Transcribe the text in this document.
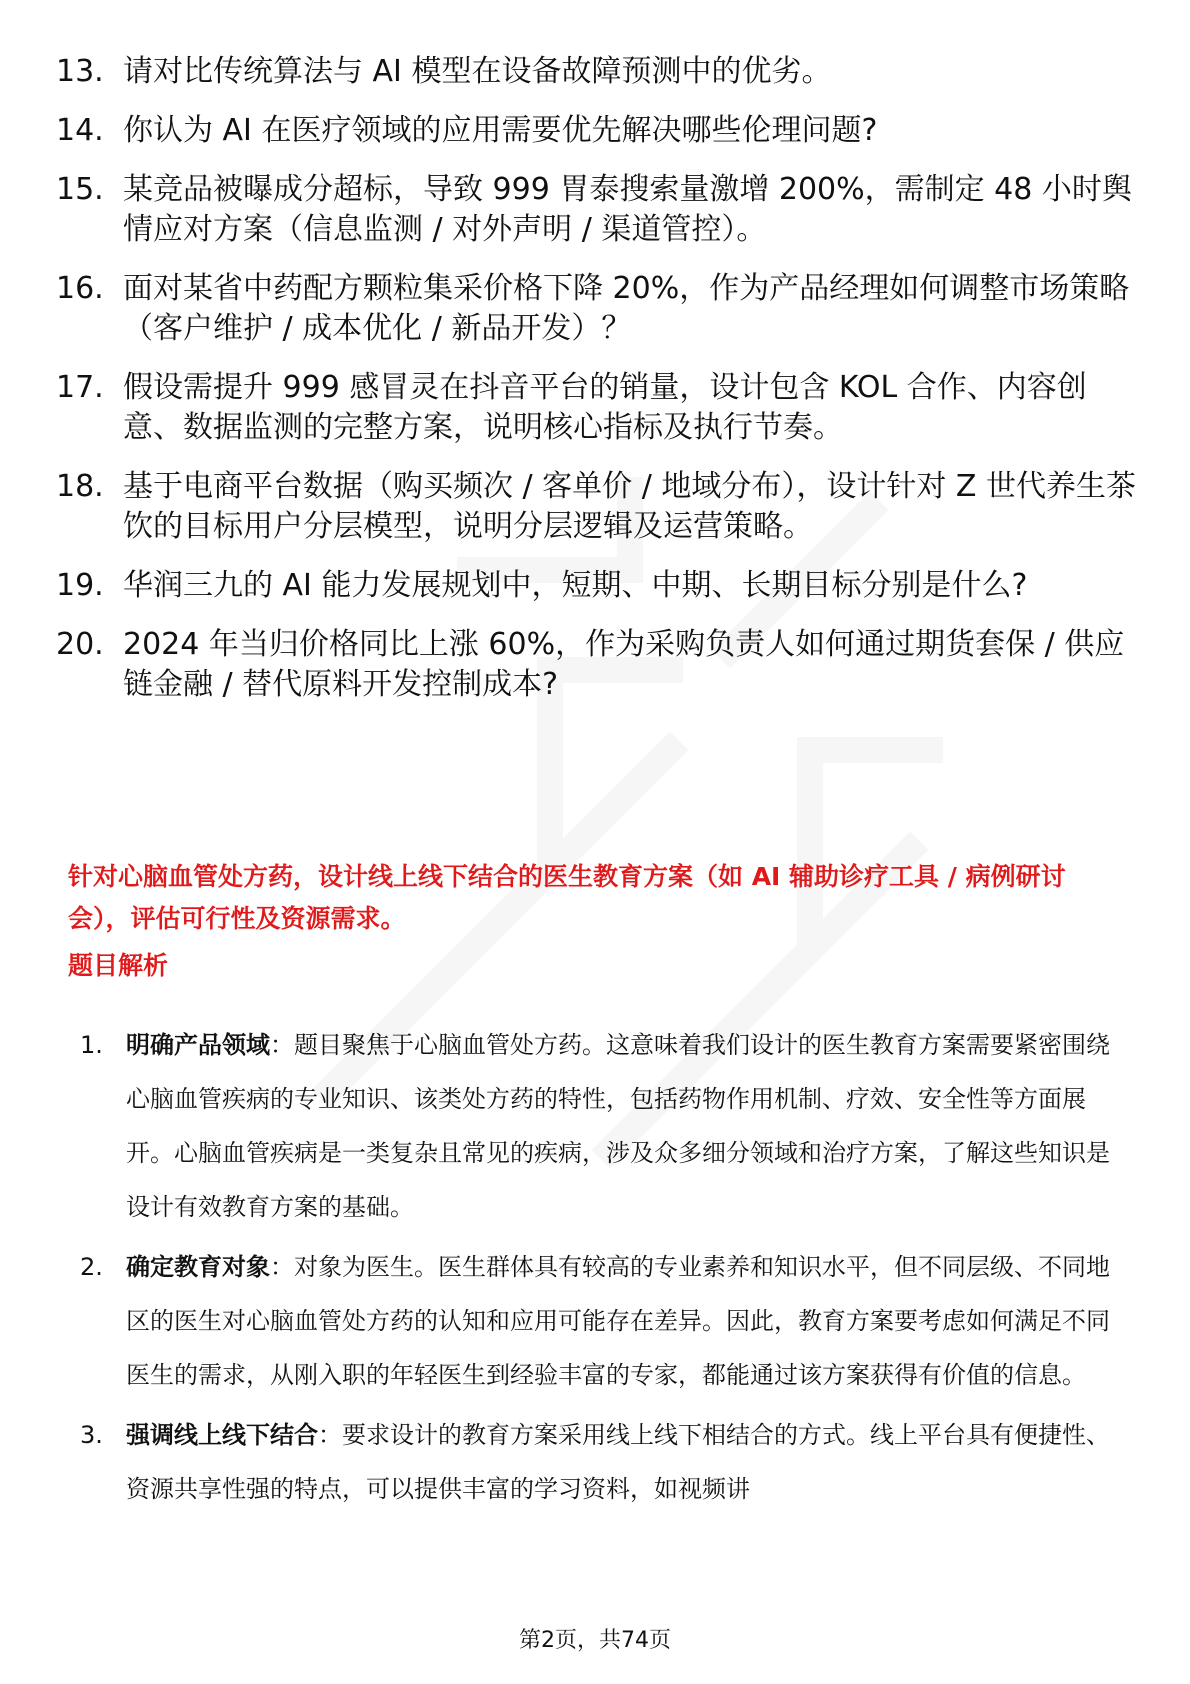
13. 请对比传统算法与 AI 模型在设备故障预测中的优劣。
14. 你认为 AI 在医疗领域的应用需要优先解决哪些伦理问题?
15. 某竞品被曝成分超标，导致 999 胃泰搜索量激增 200%，需制定 48 小时舆情应对方案（信息监测 / 对外声明 / 渠道管控）。
16. 面对某省中药配方颗粒集采价格下降 20%，作为产品经理如何调整市场策略（客户维护 / 成本优化 / 新品开发）？
17. 假设需提升 999 感冒灵在抖音平台的销量，设计包含 KOL 合作、内容创意、数据监测的完整方案，说明核心指标及执行节奏。
18. 基于电商平台数据（购买频次 / 客单价 / 地域分布），设计针对 Z 世代养生茶饮的目标用户分层模型，说明分层逻辑及运营策略。
19. 华润三九的 AI 能力发展规划中，短期、中期、长期目标分别是什么?
20. 2024 年当归价格同比上涨 60%，作为采购负责人如何通过期货套保 / 供应链金融 / 替代原料开发控制成本?

针对心脑血管处方药，设计线上线下结合的医生教育方案（如 AI 辅助诊疗工具 / 病例研讨会），评估可行性及资源需求。

题目解析

1. 明确产品领域：题目聚焦于心脑血管处方药。这意味着我们设计的医生教育方案需要紧密围绕心脑血管疾病的专业知识、该类处方药的特性，包括药物作用机制、疗效、安全性等方面展开。心脑血管疾病是一类复杂且常见的疾病，涉及众多细分领域和治疗方案，了解这些知识是设计有效教育方案的基础。
2. 确定教育对象：对象为医生。医生群体具有较高的专业素养和知识水平，但不同层级、不同地区的医生对心脑血管处方药的认知和应用可能存在差异。因此，教育方案要考虑如何满足不同医生的需求，从刚入职的年轻医生到经验丰富的专家，都能通过该方案获得有价值的信息。
3. 强调线上线下结合：要求设计的教育方案采用线上线下相结合的方式。线上平台具有便捷性、资源共享性强的特点，可以提供丰富的学习资料，如视频讲
第2页，共74页
